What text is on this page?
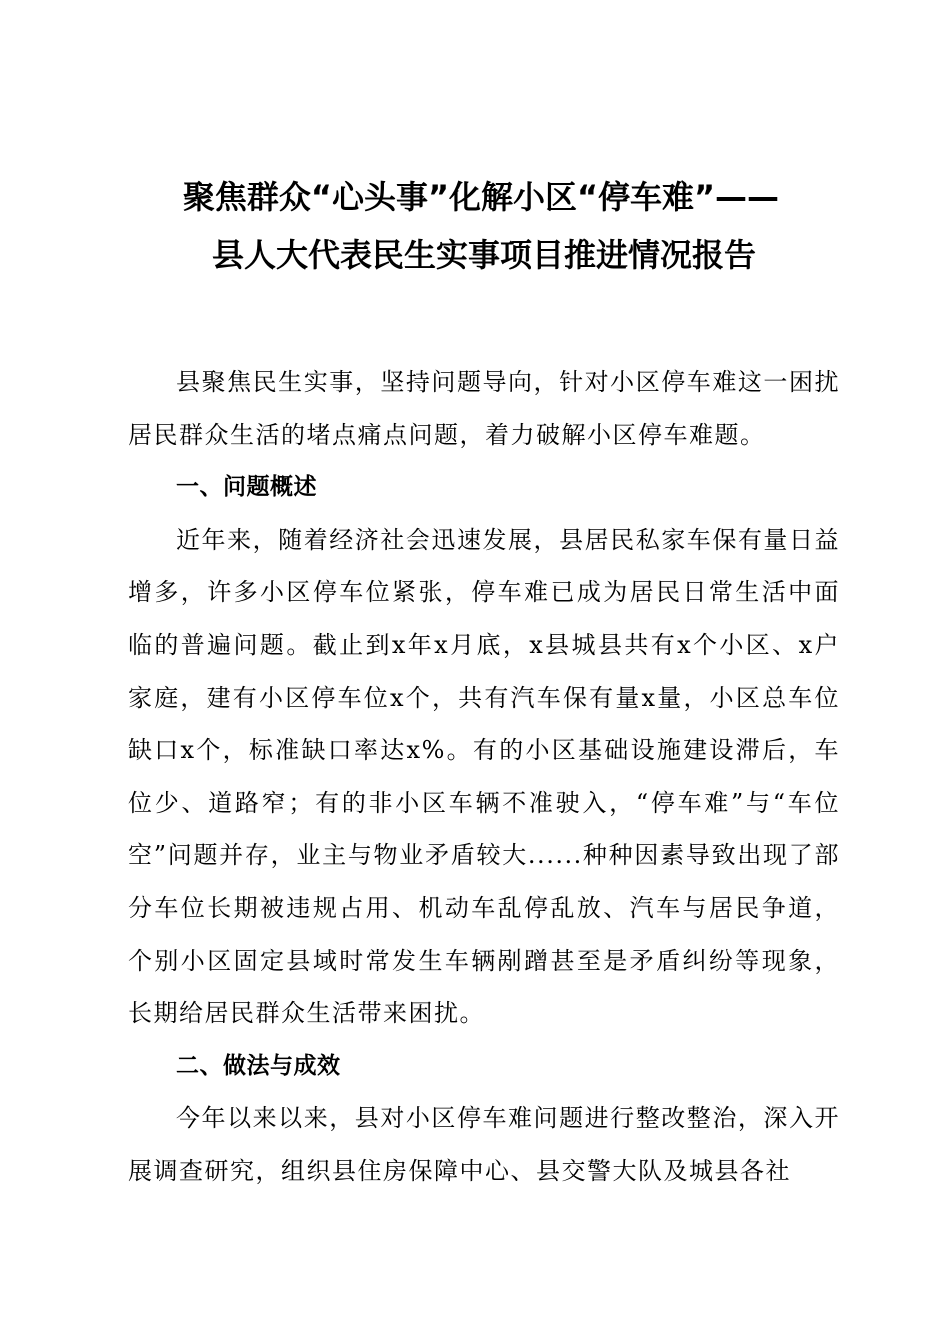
聚焦群众“心头事”化解小区“停车难”——
县人大代表民生实事项目推进情况报告

县聚焦民生实事，坚持问题导向，针对小区停车难这一困扰居民群众生活的堵点痛点问题，着力破解小区停车难题。

一、问题概述

近年来，随着经济社会迅速发展，县居民私家车保有量日益增多，许多小区停车位紧张，停车难已成为居民日常生活中面临的普遍问题。截止到x年x月底，x县城县共有x个小区、x户家庭，建有小区停车位x个，共有汽车保有量x量，小区总车位缺口x个，标准缺口率达x%。有的小区基础设施建设滞后，车位少、道路窄；有的非小区车辆不准驶入，“停车难”与“车位空”问题并存，业主与物业矛盾较大......种种因素导致出现了部分车位长期被违规占用、机动车乱停乱放、汽车与居民争道，个别小区固定县域时常发生车辆剐蹭甚至是矛盾纠纷等现象，长期给居民群众生活带来困扰。

二、做法与成效

今年以来以来，县对小区停车难问题进行整改整治，深入开展调查研究，组织县住房保障中心、县交警大队及城县各社
